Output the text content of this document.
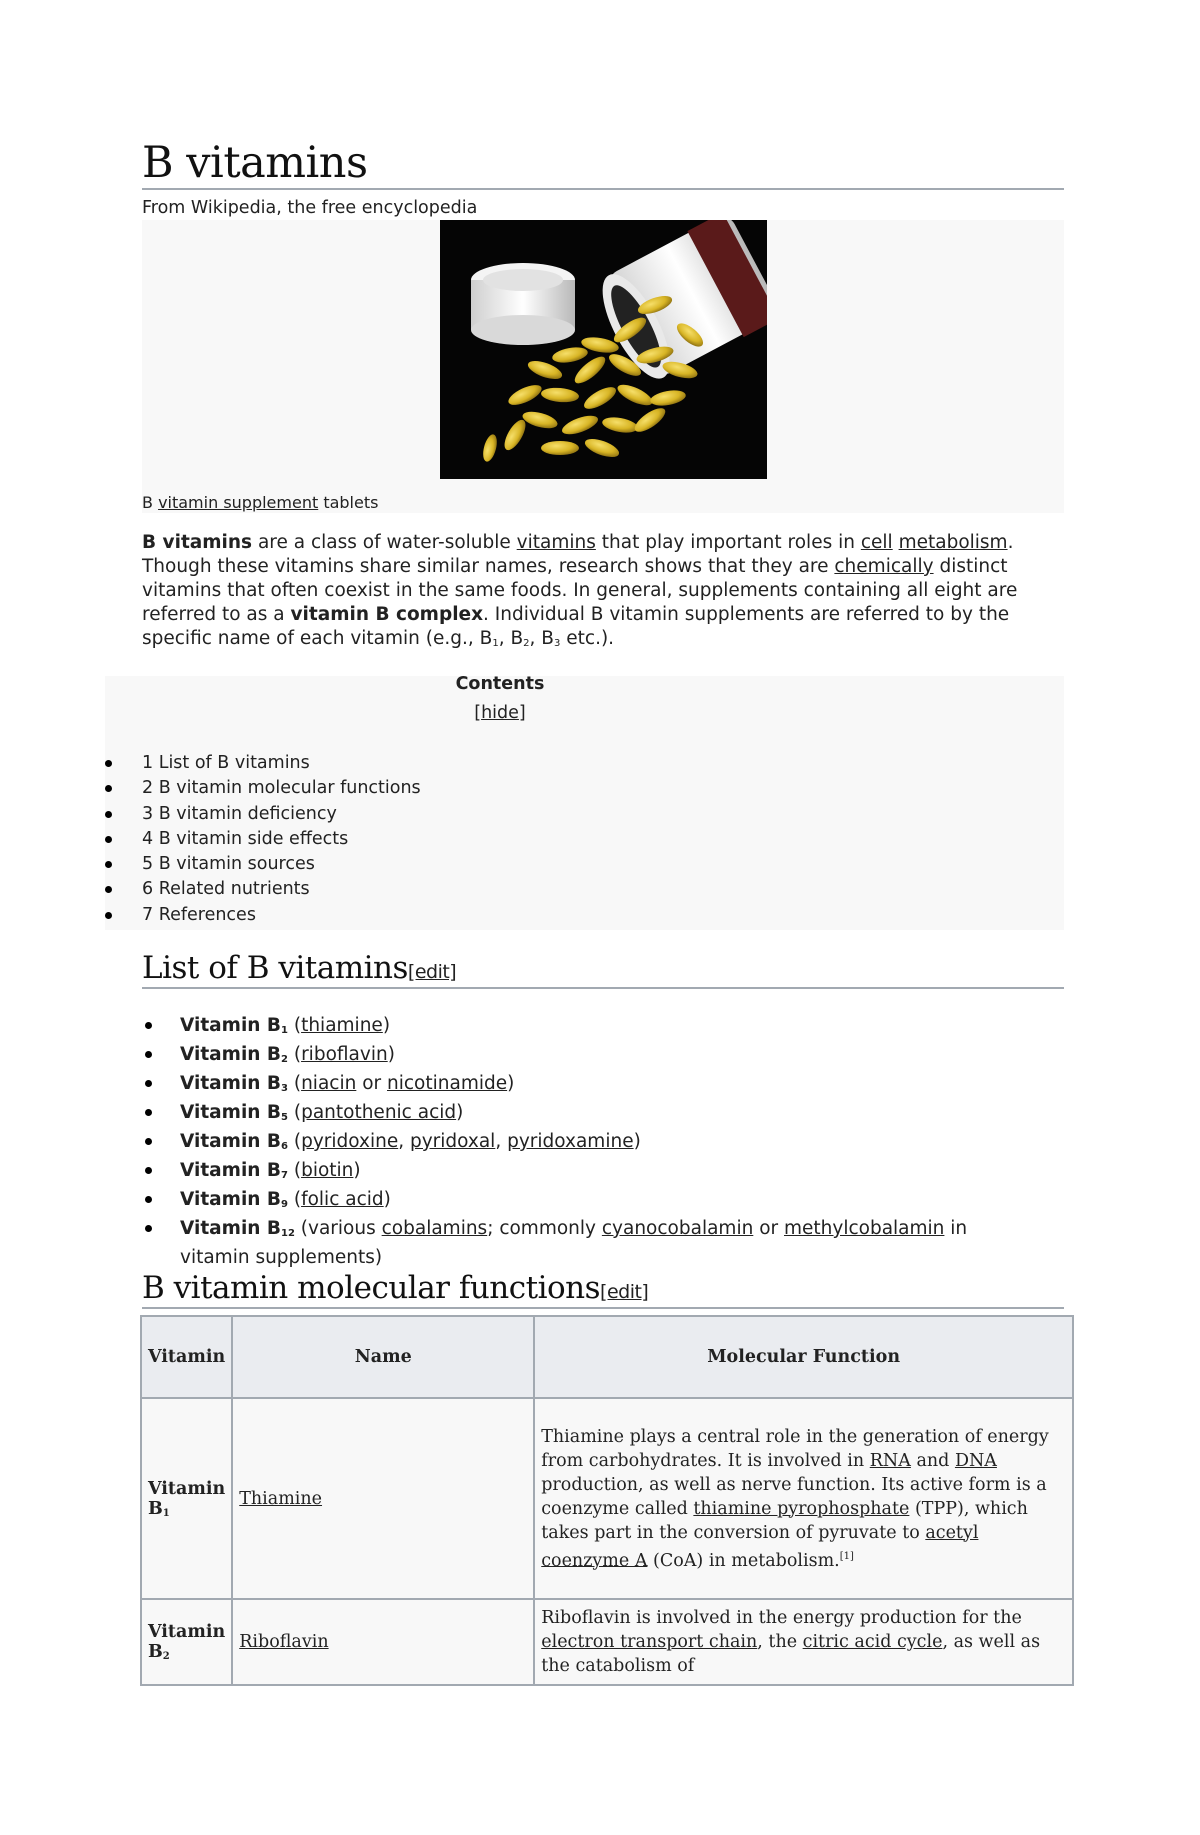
B vitamins
From Wikipedia, the free encyclopedia
B vitamin supplement tablets
B vitamins are a class of water-soluble vitamins that play important roles in cell metabolism. Though these vitamins share similar names, research shows that they are chemically distinct vitamins that often coexist in the same foods. In general, supplements containing all eight are referred to as a vitamin B complex. Individual B vitamin supplements are referred to by the specific name of each vitamin (e.g., $B_1$, $B_2$, $B_3$ etc.).
Contents
[hide]
1 List of B vitamins
2 B vitamin molecular functions
3 B vitamin deficiency
4 B vitamin side effects
5 B vitamin sources
6 Related nutrients
7 References
List of B vitamins[edit]
Vitamin $B_1$ (thiamine)
Vitamin $B_2$ (riboflavin)
Vitamin $B_3$ (niacin or nicotinamide)
Vitamin $B_5$ (pantothenic acid)
Vitamin $B_6$ (pyridoxine, pyridoxal, pyridoxamine)
Vitamin $B_7$ (biotin)
Vitamin $B_9$ (folic acid)
Vitamin $B_{12}$ (various cobalamins; commonly cyanocobalamin or methylcobalamin in vitamin supplements)
B vitamin molecular functions[edit]
Vitamin	Name	Molecular Function
Vitamin $B_1$	Thiamine	Thiamine plays a central role in the generation of energy from carbohydrates. It is involved in RNA and DNA production, as well as nerve function. Its active form is a coenzyme called thiamine pyrophosphate (TPP), which takes part in the conversion of pyruvate to acetyl coenzyme A (CoA) in metabolism.[1]
Vitamin $B_2$	Riboflavin	Riboflavin is involved in the energy production for the electron transport chain, the citric acid cycle, as well as the catabolism of
